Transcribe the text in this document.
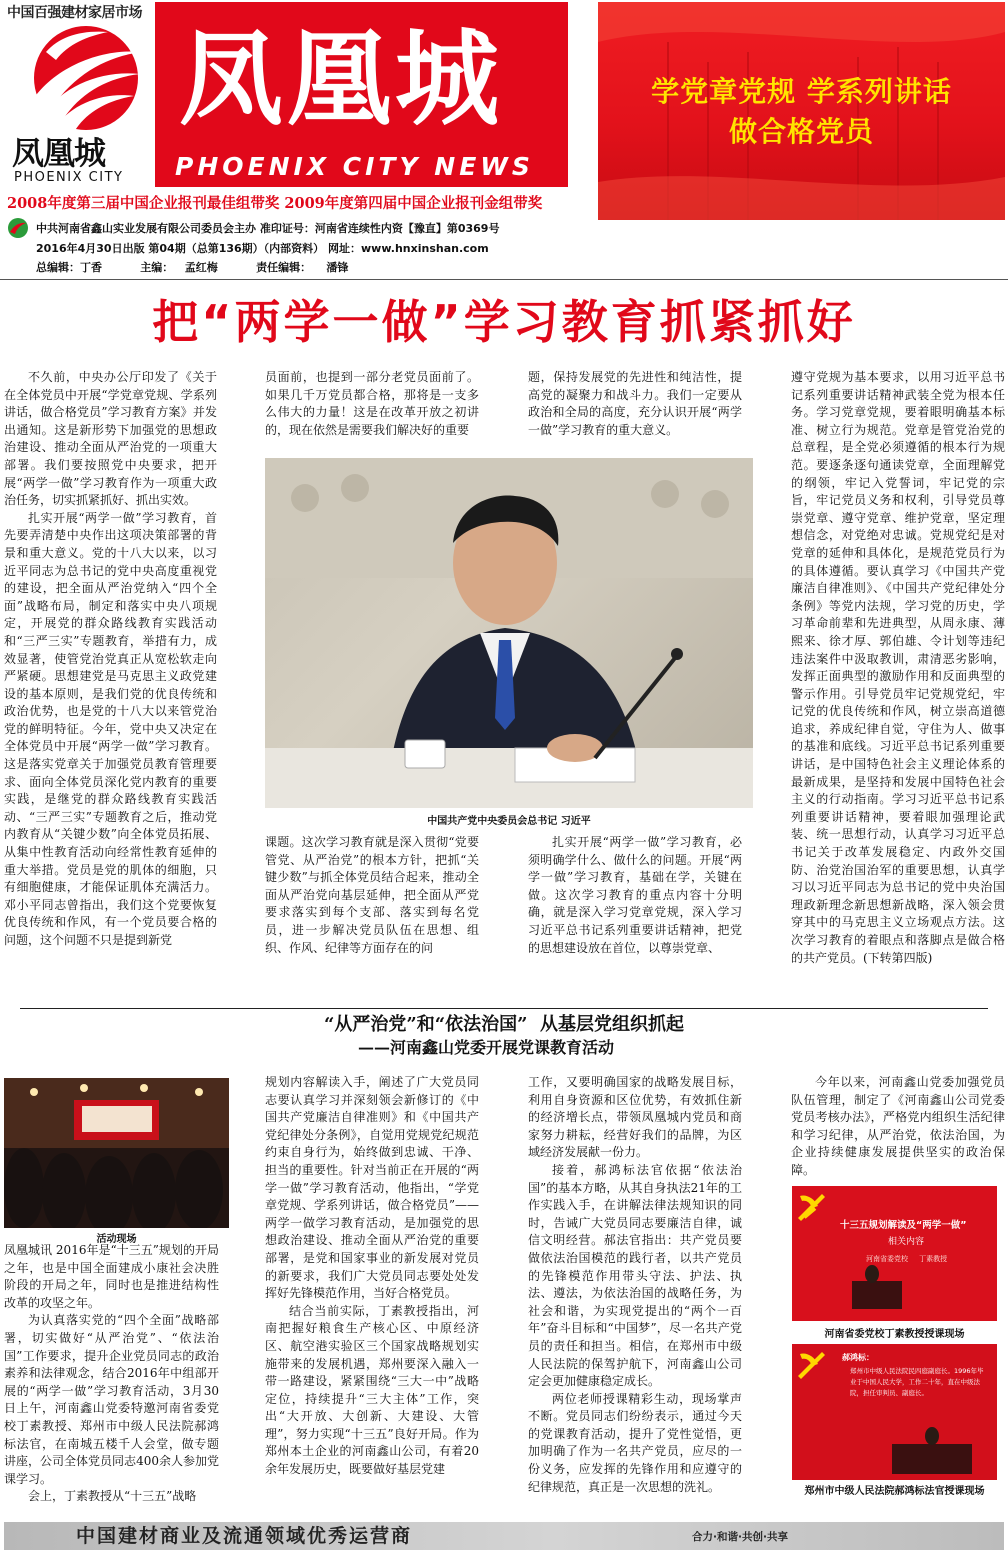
中国百强建材家居市场
凤凰城
PHOENIX CITY
凤凰城
PHOENIX CITY NEWS
学党章党规 学系列讲话
做合格党员
2008年度第三届中国企业报刊最佳组带奖 2009年度第四届中国企业报刊金组带奖
中共河南省鑫山实业发展有限公司委员会主办 准印证号：河南省连续性内资【豫直】第0369号
2016年4月30日出版 第04期（总第136期）（内部资料） 网址：www.hnxinshan.com
总编辑：丁香          主编：   孟红梅          责任编辑：    潘锋
把“两学一做”学习教育抓紧抓好

不久前，中央办公厅印发了《关于在全体党员中开展“学党章党规、学系列讲话，做合格党员”学习教育方案》并发出通知。这是新形势下加强党的思想政治建设、推动全面从严治党的一项重大部署。我们要按照党中央要求，把开展“两学一做”学习教育作为一项重大政治任务，切实抓紧抓好、抓出实效。

扎实开展“两学一做”学习教育，首先要弄清楚中央作出这项决策部署的背景和重大意义。党的十八大以来，以习近平同志为总书记的党中央高度重视党的建设，把全面从严治党纳入“四个全面”战略布局，制定和落实中央八项规定，开展党的群众路线教育实践活动和“三严三实”专题教育，举措有力，成效显著，使管党治党真正从宽松软走向严紧硬。思想建党是马克思主义政党建设的基本原则，是我们党的优良传统和政治优势，也是党的十八大以来管党治党的鲜明特征。今年，党中央又决定在全体党员中开展“两学一做”学习教育。这是落实党章关于加强党员教育管理要求、面向全体党员深化党内教育的重要实践，是继党的群众路线教育实践活动、“三严三实”专题教育之后，推动党内教育从“关键少数”向全体党员拓展、从集中性教育活动向经常性教育延伸的重大举措。党员是党的肌体的细胞，只有细胞健康，才能保证肌体充满活力。邓小平同志曾指出，我们这个党要恢复优良传统和作风，有一个党员要合格的问题，这个问题不只是提到新党

员面前，也提到一部分老党员面前了。如果几千万党员都合格，那将是一支多么伟大的力量！这是在改革开放之初讲的，现在依然是需要我们解决好的重要

题，保持发展党的先进性和纯洁性，提高党的凝聚力和战斗力。我们一定要从政治和全局的高度，充分认识开展“两学一做”学习教育的重大意义。

中国共产党中央委员会总书记 习近平

课题。这次学习教育就是深入贯彻“党要管党、从严治党”的根本方针，把抓“关键少数”与抓全体党员结合起来，推动全面从严治党向基层延伸，把全面从严党要求落实到每个支部、落实到每名党员，进一步解决党员队伍在思想、组织、作风、纪律等方面存在的问

扎实开展“两学一做”学习教育，必须明确学什么、做什么的问题。开展“两学一做”学习教育，基础在学，关键在做。这次学习教育的重点内容十分明确，就是深入学习党章党规，深入学习习近平总书记系列重要讲话精神，把党的思想建设放在首位，以尊崇党章、

遵守党规为基本要求，以用习近平总书记系列重要讲话精神武装全党为根本任务。学习党章党规，要着眼明确基本标准、树立行为规范。党章是管党治党的总章程，是全党必须遵循的根本行为规范。要逐条逐句通读党章，全面理解党的纲领，牢记入党誓词，牢记党的宗旨，牢记党员义务和权利，引导党员尊崇党章、遵守党章、维护党章，坚定理想信念，对党绝对忠诚。党规党纪是对党章的延伸和具体化，是规范党员行为的具体遵循。要认真学习《中国共产党廉洁自律准则》、《中国共产党纪律处分条例》等党内法规，学习党的历史，学习革命前辈和先进典型，从周永康、薄熙来、徐才厚、郭伯雄、令计划等违纪违法案件中汲取教训，肃清恶劣影响，发挥正面典型的激励作用和反面典型的警示作用。引导党员牢记党规党纪，牢记党的优良传统和作风，树立崇高道德追求，养成纪律自觉，守住为人、做事的基准和底线。习近平总书记系列重要讲话，是中国特色社会主义理论体系的最新成果，是坚持和发展中国特色社会主义的行动指南。学习习近平总书记系列重要讲话精神，要着眼加强理论武装、统一思想行动，认真学习习近平总书记关于改革发展稳定、内政外交国防、治党治国治军的重要思想，认真学习以习近平同志为总书记的党中央治国理政新理念新思想新战略，深入领会贯穿其中的马克思主义立场观点方法。这次学习教育的着眼点和落脚点是做合格的共产党员。(下转第四版)

“从严治党”和“依法治国”  从基层党组织抓起
——河南鑫山党委开展党课教育活动
活动现场

凤凰城讯 2016年是“十三五”规划的开局之年，也是中国全面建成小康社会决胜阶段的开局之年，同时也是推进结构性改革的攻坚之年。

为认真落实党的“四个全面”战略部署，切实做好“从严治党”、“依法治国”工作要求，提升企业党员同志的政治素养和法律观念，结合2016年中组部开展的“两学一做”学习教育活动，3月30日上午，河南鑫山党委特邀河南省委党校丁素教授、郑州市中级人民法院郝鸿标法官，在南城五楼千人会堂，做专题讲座，公司全体党员同志400余人参加党课学习。

会上，丁素教授从“十三五”战略

规划内容解读入手，阐述了广大党员同志要认真学习并深刻领会新修订的《中国共产党廉洁自律准则》和《中国共产党纪律处分条例》，自觉用党规党纪规范约束自身行为，始终做到忠诚、干净、担当的重要性。针对当前正在开展的“两学一做”学习教育活动，他指出，“学党章党规、学系列讲话，做合格党员”——两学一做学习教育活动，是加强党的思想政治建设、推动全面从严治党的重要部署，是党和国家事业的新发展对党员的新要求，我们广大党员同志要处处发挥好先锋模范作用，当好合格党员。

结合当前实际，丁素教授指出，河南把握好粮食生产核心区、中原经济区、航空港实验区三个国家战略规划实施带来的发展机遇，郑州要深入融入一带一路建设，紧紧围绕“三大一中”战略定位，持续提升“三大主体”工作，突出“大开放、大创新、大建设、大管理”，努力实现“十三五”良好开局。作为郑州本土企业的河南鑫山公司，有着20余年发展历史，既要做好基层党建

工作，又要明确国家的战略发展目标，利用自身资源和区位优势，有效抓住新的经济增长点，带领凤凰城内党员和商家努力耕耘，经营好我们的品牌，为区域经济发展献一份力。

接着，郝鸿标法官依据“依法治国”的基本方略，从其自身执法21年的工作实践入手，在讲解法律法规知识的同时，告诫广大党员同志要廉洁自律，诚信文明经营。郝法官指出：共产党员要做依法治国模范的践行者，以共产党员的先锋模范作用带头守法、护法、执法、遵法，为依法治国的战略任务，为社会和谐，为实现党提出的“两个一百年”奋斗目标和“中国梦”，尽一名共产党员的责任和担当。相信，在郑州市中级人民法院的保驾护航下，河南鑫山公司定会更加健康稳定成长。

两位老师授课精彩生动，现场掌声不断。党员同志们纷纷表示，通过今天的党课教育活动，提升了党性觉悟，更加明确了作为一名共产党员，应尽的一份义务，应发挥的先锋作用和应遵守的纪律规范，真正是一次思想的洗礼。

今年以来，河南鑫山党委加强党员队伍管理，制定了《河南鑫山公司党委党员考核办法》，严格党内组织生活纪律和学习纪律，从严治党，依法治国，为企业持续健康发展提供坚实的政治保障。

十三五规划解读及“两学一做”
相关内容
河南省委党校     丁素教授
河南省委党校丁素教授授课现场
郝鸿标：
郑州市中级人民法院民四庭副庭长。1996年毕业于中国人民大学，工作二十年，直在中级法院，担任审判员、副庭长。
郑州市中级人民法院郝鸿标法官授课现场
中国建材商业及流通领域优秀运营商	合力·和谐·共创·共享
